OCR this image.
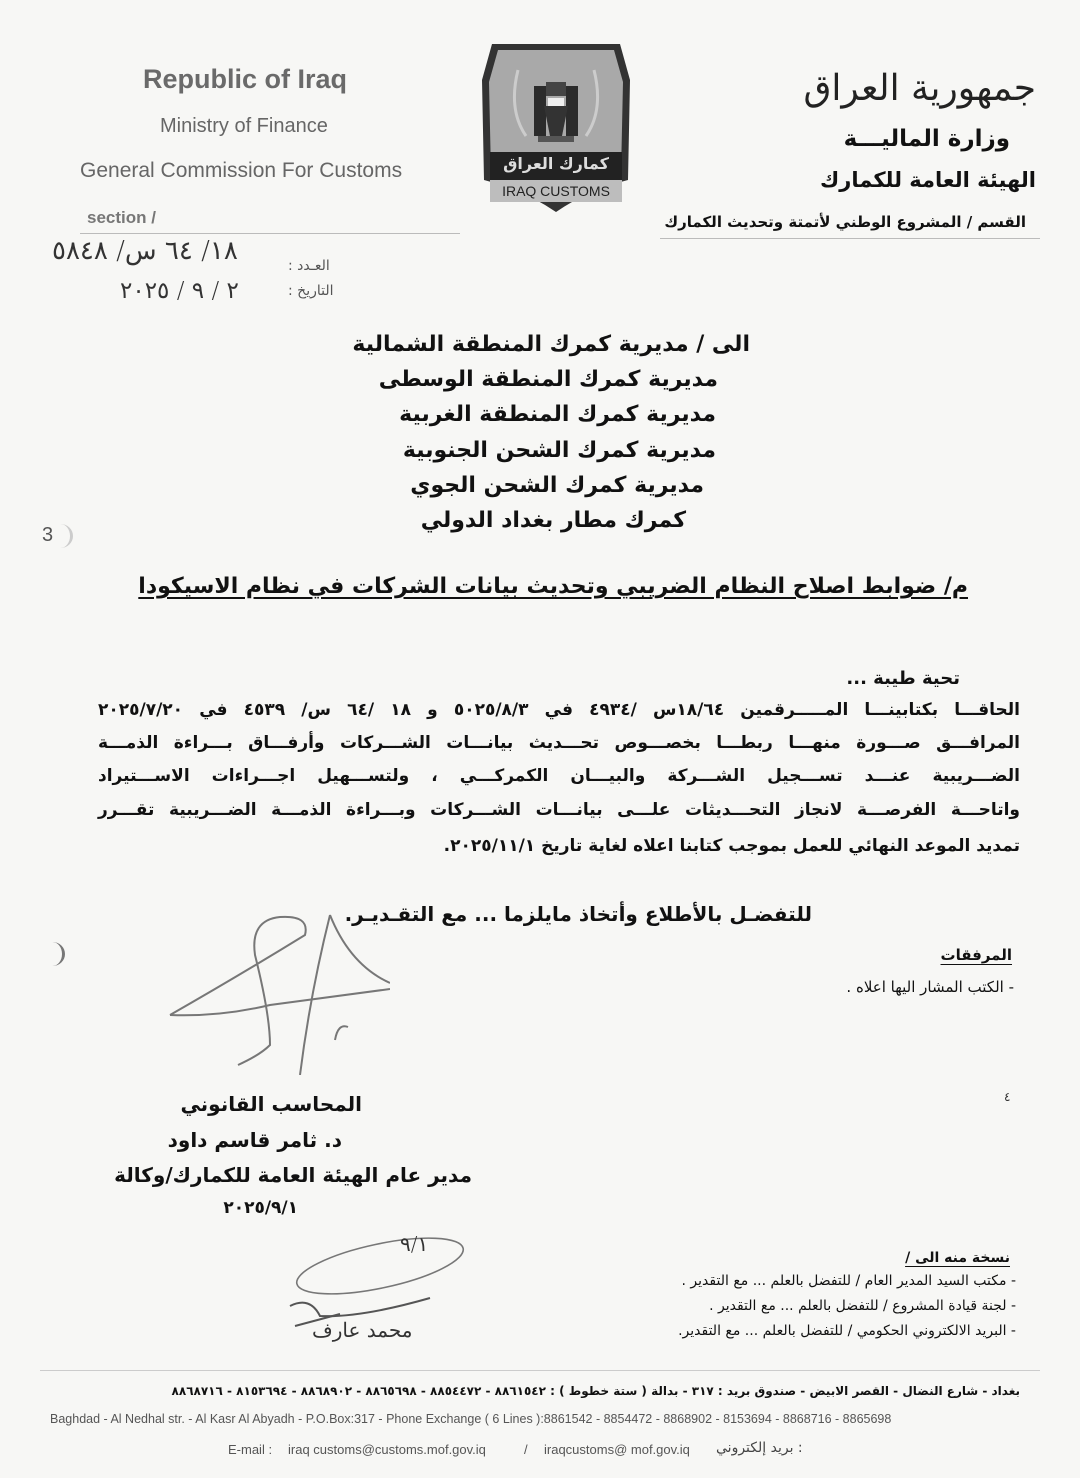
Republic of Iraq
Ministry of Finance
General Commission For Customs
section /
كمارك العراق
IRAQ CUSTOMS
جمهورية العراق
وزارة الماليـــة
الهيئة العامة للكمارك
القسم / المشروع الوطني لأتمتة وتحديث الكمارك
١٨/ ٦٤ س/ ٥٨٤٨	العـدد :
٢ / ٩ / ٢٠٢٥	التاريخ :
الى / مديرية كمرك المنطقة الشمالية
مديرية كمرك المنطقة الوسطى
مديرية كمرك المنطقة الغربية
مديرية كمرك الشحن الجنوبية
مديرية كمرك الشحن الجوي
كمرك مطار بغداد الدولي
3
م/ ضوابط اصلاح النظام الضريبي وتحديث بيانات الشركات في نظام الاسيكودا
تحية طيبة ...
الحاقـــا بكتابينـــا المـــــرقمين ١٨/٦٤س /٤٩٣٤ في ٥٠٢٥/٨/٣ و ١٨ /٦٤ س/ ٤٥٣٩ في ٢٠٢٥/٧/٢٠
المرافـــق صـــورة منهـــا ربطـــا بخصـــوص تحـــديث بيانـــات الشـــركات وأرفـــاق بـــراءة الذمـــة
الضـــريبية عنـــد تســـجيل الشـــركة والبيـــان الكمركـــي ، ولتســـهيل اجـــراءات الاســـتيراد
واتاحـــة الفرصـــة لانجاز التحـــديثات علـــى بيانـــات الشـــركات وبـــراءة الذمـــة الضـــريبية تقـــرر
تمديد الموعد النهائي للعمل بموجب كتابنا اعلاه لغاية تاريخ ٢٠٢٥/١١/١.
للتفضـل بالأطلاع وأتخاذ مايلزما ... مع التقـديـر.
المرفقات
- الكتب المشار اليها اعلاه .
٤
المحاسب القانوني
د. ثامر قاسم داود
مدير عام الهيئة العامة للكمارك/وكالة
٢٠٢٥/٩/١
٩/١
محمد عارف
نسخة منه الى /
- مكتب السيد المدير العام / للتفضل بالعلم ... مع التقدير .
- لجنة قيادة المشروع / للتفضل بالعلم ... مع التقدير .
- البريد الالكتروني الحكومي / للتفضل بالعلم ... مع التقدير.
بغداد - شارع النضال - القصر الابيض - صندوق بريد : ٣١٧ - بدالة ( ستة خطوط ) : ٨٨٦١٥٤٢ - ٨٨٥٤٤٧٢ - ٨٨٦٥٦٩٨ - ٨٨٦٨٩٠٢ - ٨١٥٣٦٩٤ - ٨٨٦٨٧١٦
Baghdad - Al Nedhal str. - Al Kasr Al Abyadh - P.O.Box:317 - Phone Exchange ( 6 Lines ):8861542 - 8854472 - 8868902 - 8153694 - 8868716 - 8865698
E-mail : iraq customs@customs.mof.gov.iq	/ iraqcustoms@ mof.gov.iq : بريد إلكتروني
